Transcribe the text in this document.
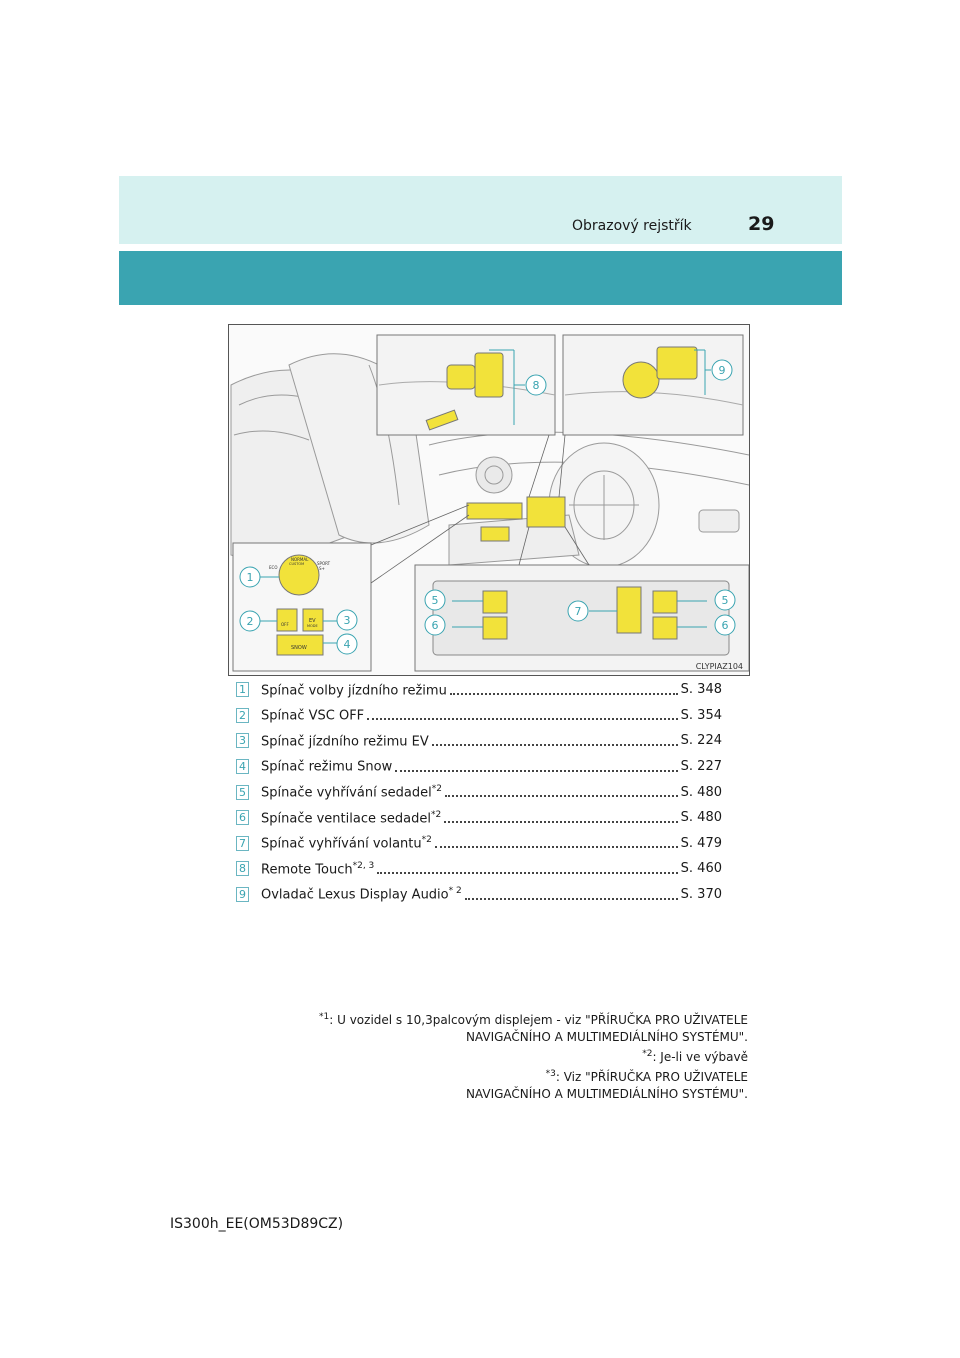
Obrazový rejstřík	29
NORMAL
CUSTOM
ECO
SPORT
S+
OFF
EV
MODE
SNOW
1
2	3
4
5
6
7
5
6
8
9
CLYPIAZ104
1 Spínač volby jízdního režimu	S. 348
2 Spínač VSC OFF	S. 354
3 Spínač jízdního režimu EV	S. 224
4 Spínač režimu Snow	S. 227
5 Spínače vyhřívání sedadel$^{*2}$	S. 480
6 Spínače ventilace sedadel$^{*2}$	S. 480
7 Spínač vyhřívání volantu$^{*2}$	S. 479
8 Remote Touch$^{*2, 3}$	S. 460
9 Ovladač Lexus Display Audio$^{* 2}$	S. 370
$^{*1}$: U vozidel s 10,3palcovým displejem - viz "PŘÍRUČKA PRO UŽIVATELE
NAVIGAČNÍHO A MULTIMEDIÁLNÍHO SYSTÉMU".
$^{*2}$: Je-li ve výbavě
$^{*3}$: Viz "PŘÍRUČKA PRO UŽIVATELE
NAVIGAČNÍHO A MULTIMEDIÁLNÍHO SYSTÉMU".
IS300h_EE(OM53D89CZ)
